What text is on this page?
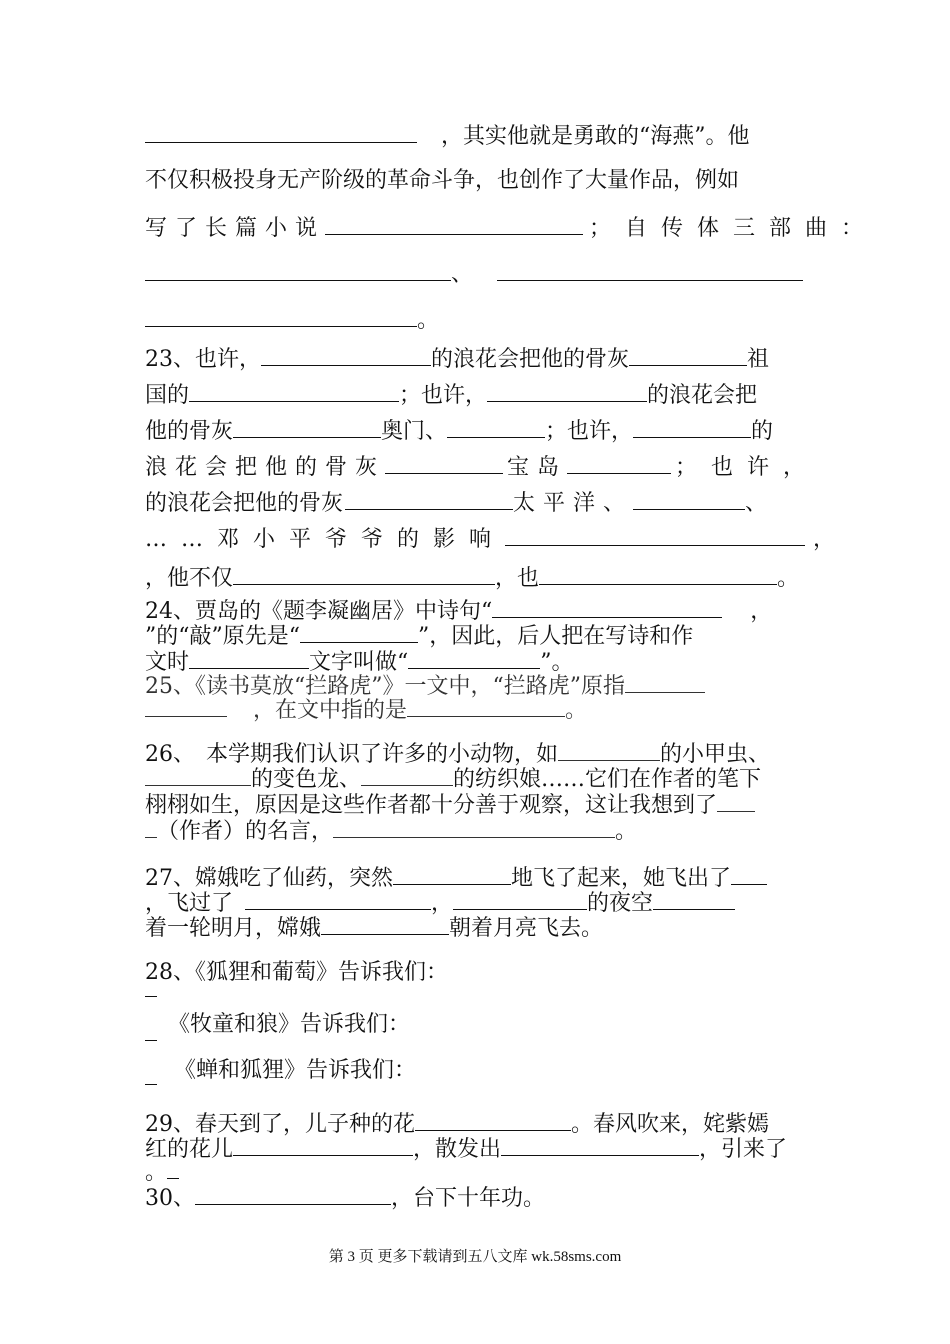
，其实他就是勇敢的“海燕”。他
不仅积极投身无产阶级的革命斗争，也创作了大量作品，例如
写了长篇小说	；自传体三部曲：
、
。
23、也许，	的浪花会把他的骨灰	祖
国的	；也许，	的浪花会把
他的骨灰	奥门、	；也许，	的
浪花会把他的骨灰	宝岛	；也许，
的浪花会把他的骨灰	太平洋、	、
……邓小平爷爷的影响	，
，他不仅	，也	。
24、贾岛的《题李凝幽居》中诗句“	，
”的“敲”原先是“	”，因此，后人把在写诗和作
文时	文字叫做“	”。
25、《读书莫放“拦路虎”》一文中，“拦路虎”原指
，在文中指的是	。
26、　本学期我们认识了许多的小动物，如	的小甲虫、
的变色龙、	的纺织娘……它们在作者的笔下
栩栩如生，原因是这些作者都十分善于观察，这让我想到了
（作者）的名言，	。
27、嫦娥吃了仙药，突然	地飞了起来，她飞出了
，飞过了	，	的夜空
着一轮明月，嫦娥	朝着月亮飞去。
28、《狐狸和葡萄》告诉我们：
《牧童和狼》告诉我们：
《蝉和狐狸》告诉我们：
29、春天到了，儿子种的花	。春风吹来，姹紫嫣
红的花儿	，散发出	，引来了
。
30、	，台下十年功。
第 3 页 更多下载请到五八文库 wk.58sms.com
